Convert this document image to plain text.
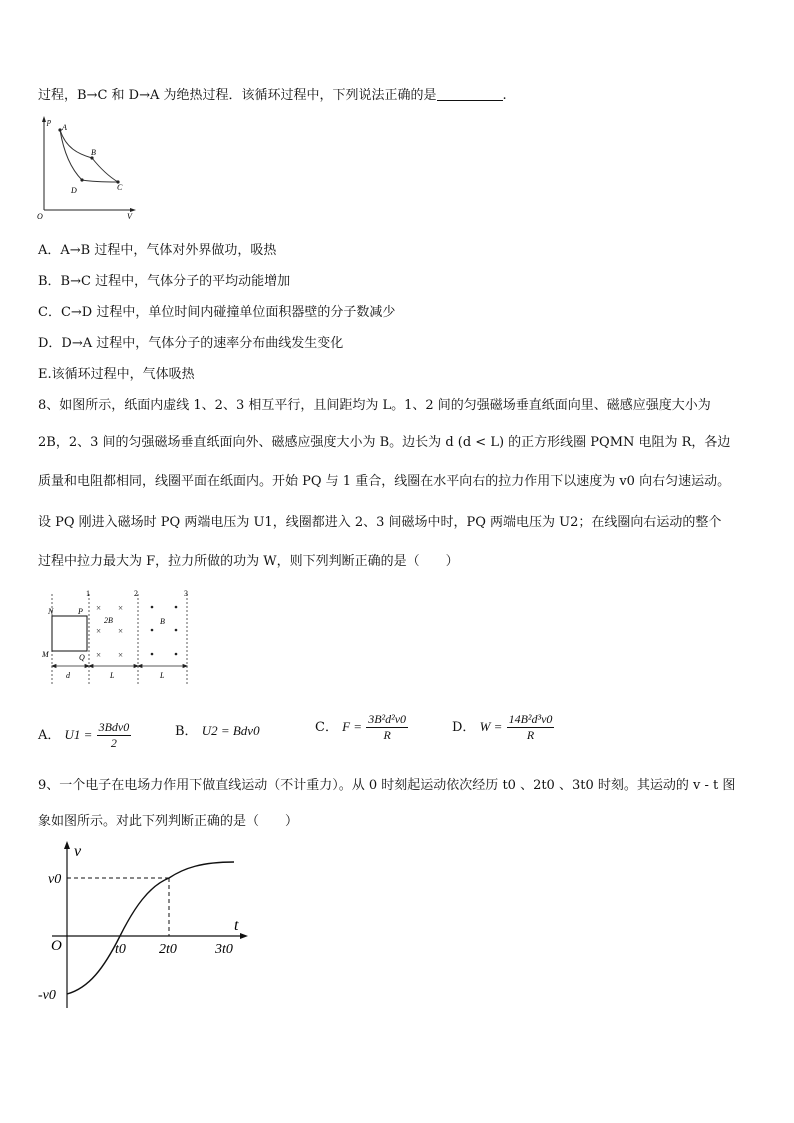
过程，B→C 和 D→A 为绝热过程．该循环过程中，下列说法正确的是	.
p
A
B
C
D
O	V
A．A→B 过程中，气体对外界做功，吸热
B．B→C 过程中，气体分子的平均动能增加
C．C→D 过程中，单位时间内碰撞单位面积器壁的分子数减少
D．D→A 过程中，气体分子的速率分布曲线发生变化
E.该循环过程中，气体吸热
8、如图所示，纸面内虚线 1、2、3 相互平行，且间距均为 L。1、2 间的匀强磁场垂直纸面向里、磁感应强度大小为
2B，2、3 间的匀强磁场垂直纸面向外、磁感应强度大小为 B。边长为 d (d < L) 的正方形线圈 PQMN 电阻为 R，各边
质量和电阻都相同，线圈平面在纸面内。开始 PQ 与 1 重合，线圈在水平向右的拉力作用下以速度为 v0 向右匀速运动。
设 PQ 刚进入磁场时 PQ 两端电压为 U1，线圈都进入 2、3 间磁场中时，PQ 两端电压为 U2；在线圈向右运动的整个
过程中拉力最大为 F，拉力所做的功为 W，则下列判断正确的是（　　）
1	2	3
N	P
M	Q
× ×
× ×
× ×
2B	B
d	L	L
A． $U1 = \frac{\text{3Bdv0}}{2}$	B． U2 = Bdv0	C． $F = \frac{\text{3B²d²v0}}{R}$	D． $W = \frac{\text{14B²d³v0}}{R}$
9、一个电子在电场力作用下做直线运动（不计重力）。从 0 时刻起运动依次经历 t0 、2t0 、3t0 时刻。其运动的 v - t 图
象如图所示。对此下列判断正确的是（　　）
v
t
O
v0
-v0
t0 2t0	3t0
